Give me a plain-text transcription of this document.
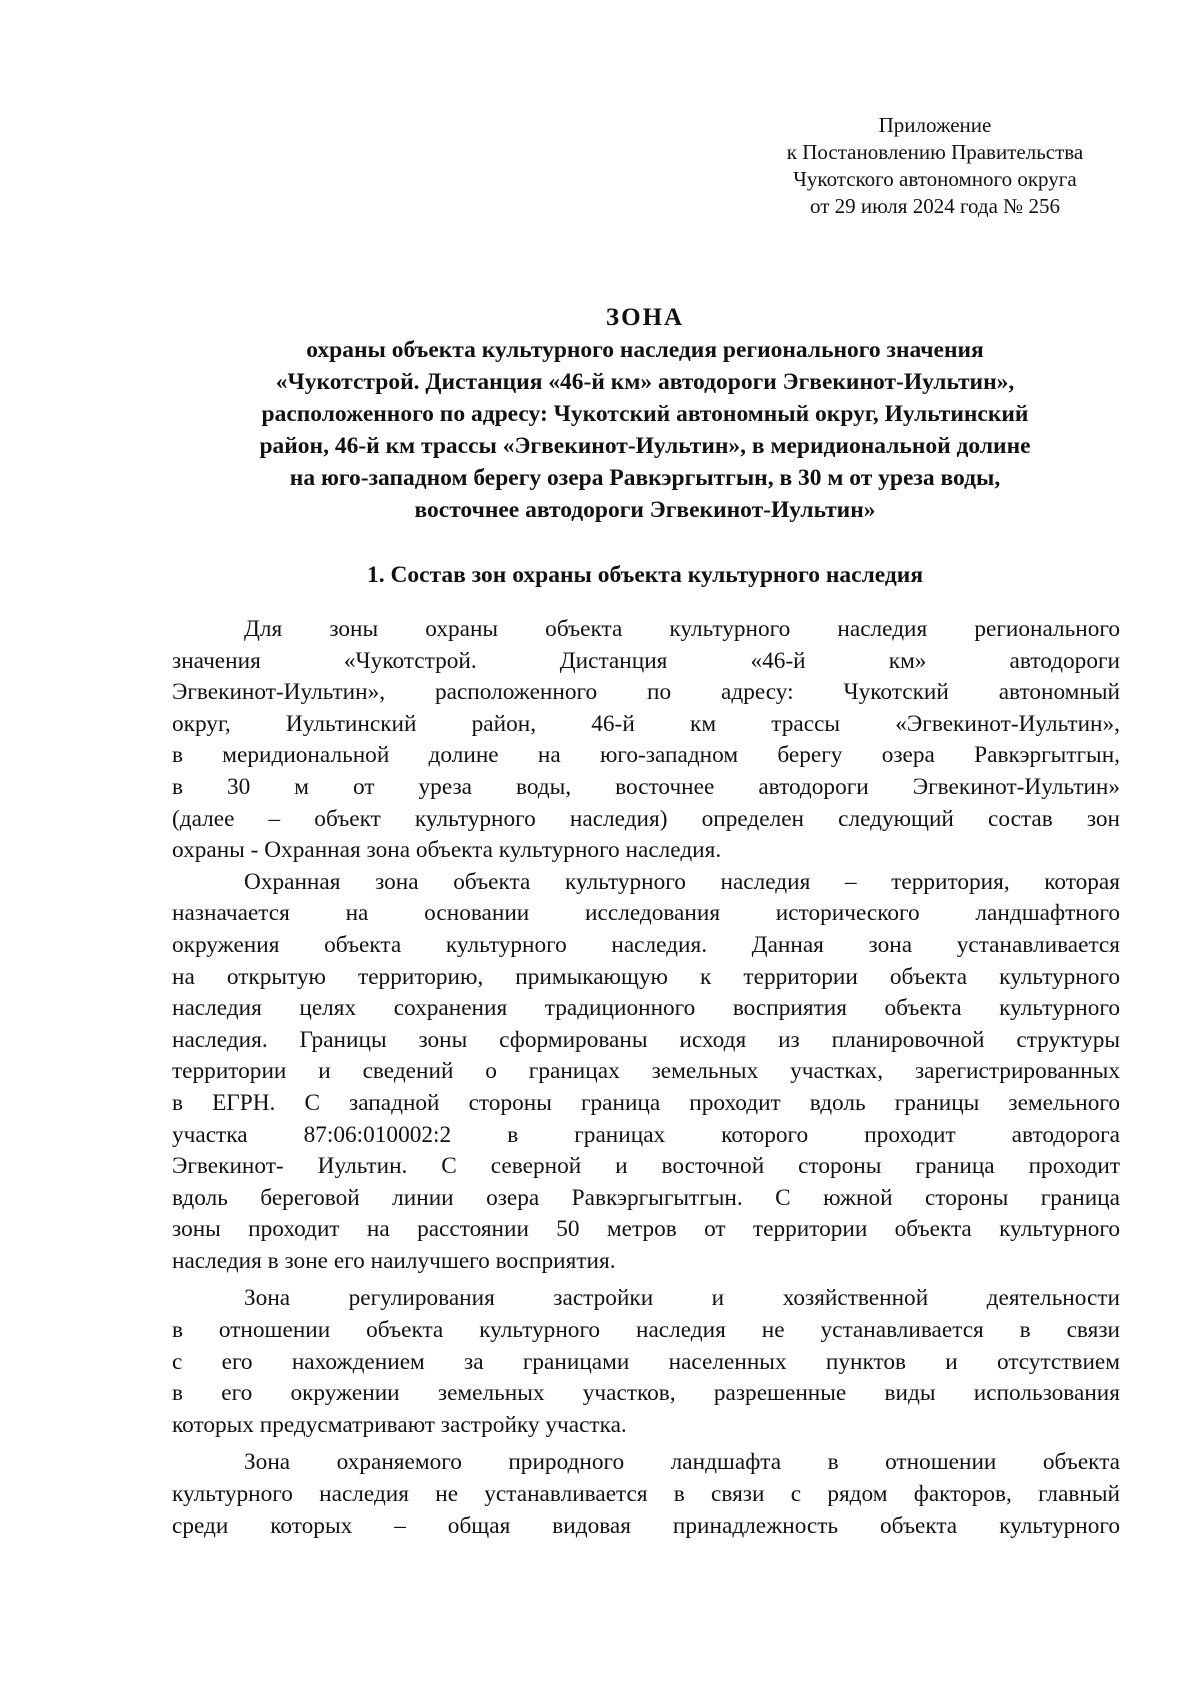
Приложение
к Постановлению Правительства
Чукотского автономного округа
от 29 июля 2024 года № 256
ЗОНА
охраны объекта культурного наследия регионального значения
«Чукотстрой. Дистанция «46-й км» автодороги Эгвекинот-Иультин»,
расположенного по адресу: Чукотский автономный округ, Иультинский
район, 46-й км трассы «Эгвекинот-Иультин», в меридиональной долине
на юго-западном берегу озера Равкэргытгын, в 30 м от уреза воды,
восточнее автодороги Эгвекинот-Иультин»
1. Состав зон охраны объекта культурного наследия
Для зоны охраны объекта культурного наследия регионального
значения «Чукотстрой. Дистанция «46-й км» автодороги
Эгвекинот-Иультин», расположенного по адресу: Чукотский автономный
округ, Иультинский район, 46-й км трассы «Эгвекинот-Иультин»,
в меридиональной долине на юго-западном берегу озера Равкэргытгын,
в 30 м от уреза воды, восточнее автодороги Эгвекинот-Иультин»
(далее – объект культурного наследия) определен следующий состав зон
охраны - Охранная зона объекта культурного наследия.
Охранная зона объекта культурного наследия – территория, которая
назначается на основании исследования исторического ландшафтного
окружения объекта культурного наследия. Данная зона устанавливается
на открытую территорию, примыкающую к территории объекта культурного
наследия целях сохранения традиционного восприятия объекта культурного
наследия. Границы зоны сформированы исходя из планировочной структуры
территории и сведений о границах земельных участках, зарегистрированных
в ЕГРН. С западной стороны граница проходит вдоль границы земельного
участка 87:06:010002:2 в границах которого проходит автодорога
Эгвекинот- Иультин. С северной и восточной стороны граница проходит
вдоль береговой линии озера Равкэргыгытгын. С южной стороны граница
зоны проходит на расстоянии 50 метров от территории объекта культурного
наследия в зоне его наилучшего восприятия.
Зона регулирования застройки и хозяйственной деятельности
в отношении объекта культурного наследия не устанавливается в связи
с его нахождением за границами населенных пунктов и отсутствием
в его окружении земельных участков, разрешенные виды использования
которых предусматривают застройку участка.
Зона охраняемого природного ландшафта в отношении объекта
культурного наследия не устанавливается в связи с рядом факторов, главный
среди которых – общая видовая принадлежность объекта культурного
